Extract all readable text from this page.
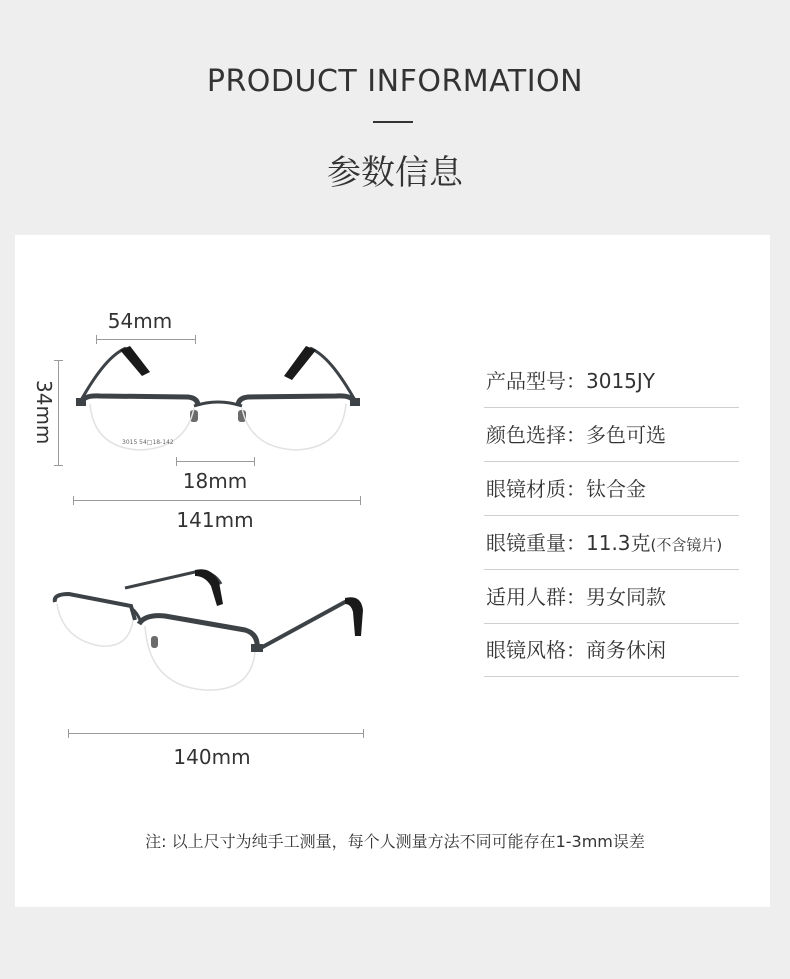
PRODUCT INFORMATION
参数信息
54mm
34mm
18mm
141mm
3015 54□18-142
140mm
产品型号：3015JY
颜色选择：多色可选
眼镜材质：钛合金
眼镜重量：11.3克(不含镜片)
适用人群：男女同款
眼镜风格：商务休闲
注: 以上尺寸为纯手工测量，每个人测量方法不同可能存在1-3mm误差
